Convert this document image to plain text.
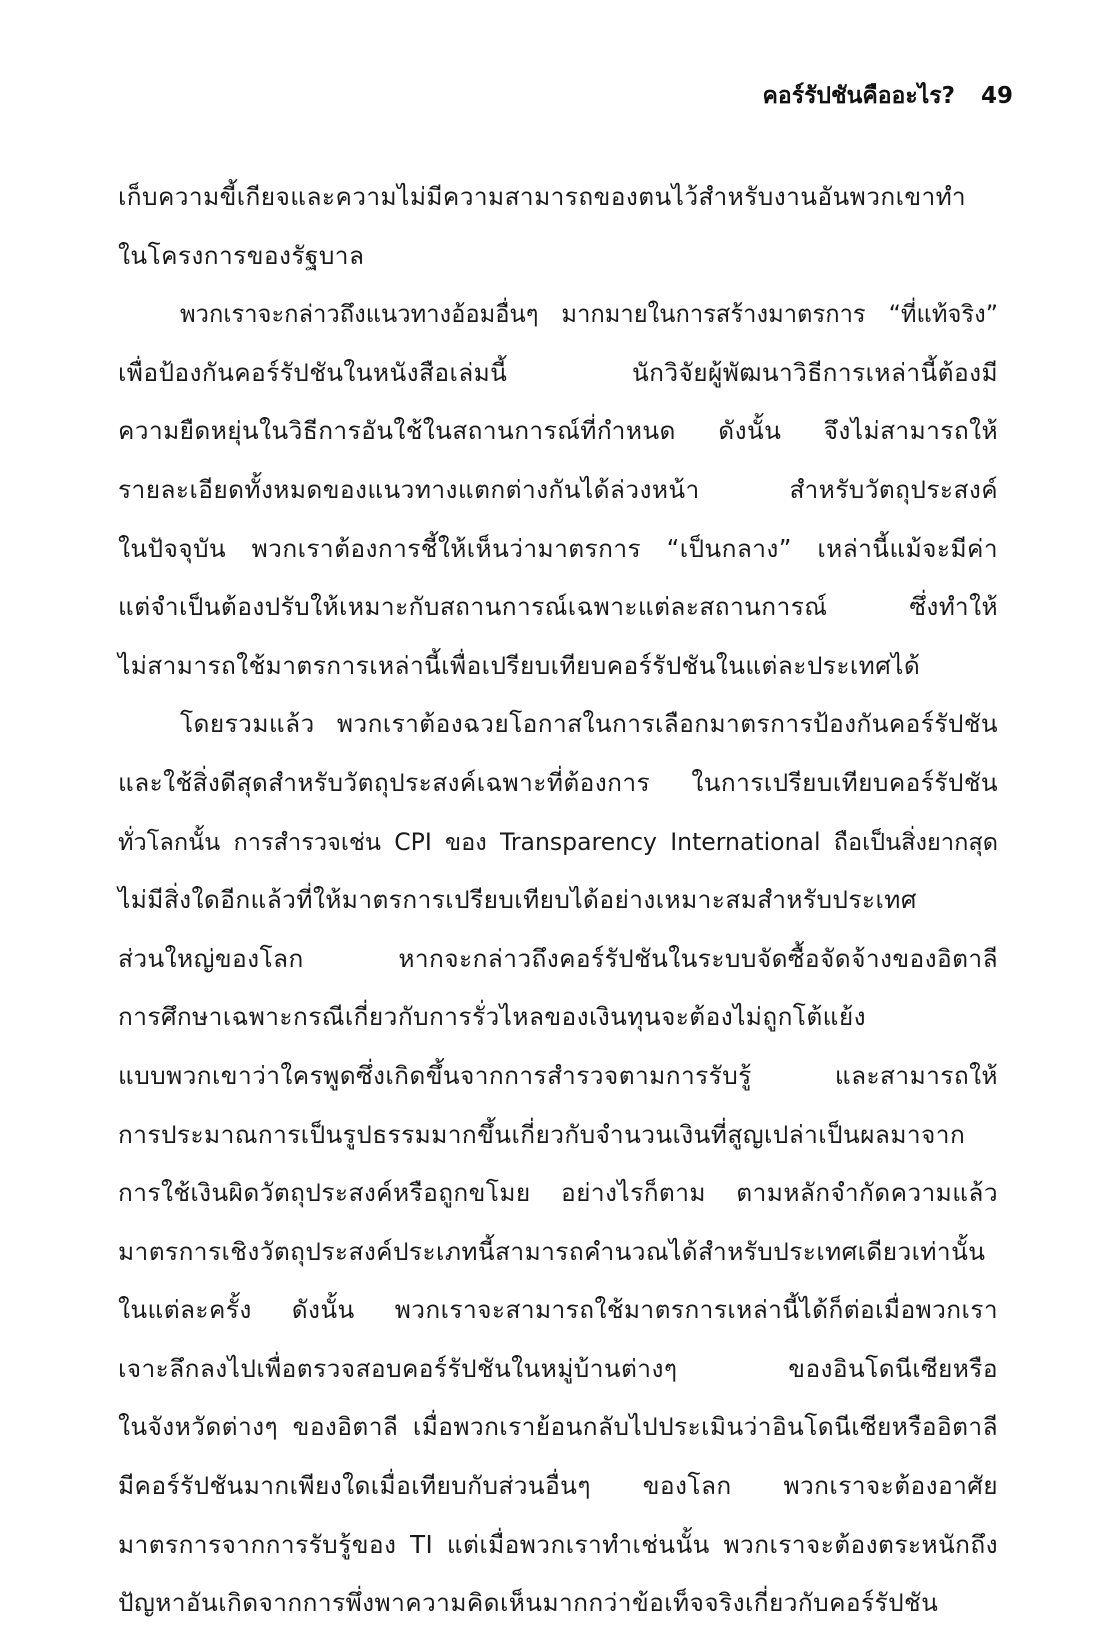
คอร์รัปชันคืออะไร? 49
เก็บความขี้เกียจและความไม่มีความสามารถของตนไว้สำหรับงานอันพวกเขาทำ
ในโครงการของรัฐบาล
พวกเราจะกล่าวถึงแนวทางอ้อมอื่นๆ มากมายในการสร้างมาตรการ “ที่แท้จริง”
เพื่อป้องกันคอร์รัปชันในหนังสือเล่มนี้ นักวิจัยผู้พัฒนาวิธีการเหล่านี้ต้องมี
ความยืดหยุ่นในวิธีการอันใช้ในสถานการณ์ที่กำหนด ดังนั้น จึงไม่สามารถให้
รายละเอียดทั้งหมดของแนวทางแตกต่างกันได้ล่วงหน้า สำหรับวัตถุประสงค์
ในปัจจุบัน พวกเราต้องการชี้ให้เห็นว่ามาตรการ “เป็นกลาง” เหล่านี้แม้จะมีค่า
แต่จำเป็นต้องปรับให้เหมาะกับสถานการณ์เฉพาะแต่ละสถานการณ์ ซึ่งทำให้
ไม่สามารถใช้มาตรการเหล่านี้เพื่อเปรียบเทียบคอร์รัปชันในแต่ละประเทศได้
โดยรวมแล้ว พวกเราต้องฉวยโอกาสในการเลือกมาตรการป้องกันคอร์รัปชัน
และใช้สิ่งดีสุดสำหรับวัตถุประสงค์เฉพาะที่ต้องการ ในการเปรียบเทียบคอร์รัปชัน
ทั่วโลกนั้น การสำรวจเช่น CPI ของ Transparency International ถือเป็นสิ่งยากสุด
ไม่มีสิ่งใดอีกแล้วที่ให้มาตรการเปรียบเทียบได้อย่างเหมาะสมสำหรับประเทศ
ส่วนใหญ่ของโลก หากจะกล่าวถึงคอร์รัปชันในระบบจัดซื้อจัดจ้างของอิตาลี
การศึกษาเฉพาะกรณีเกี่ยวกับการรั่วไหลของเงินทุนจะต้องไม่ถูกโต้แย้ง
แบบพวกเขาว่าใครพูดซึ่งเกิดขึ้นจากการสำรวจตามการรับรู้ และสามารถให้
การประมาณการเป็นรูปธรรมมากขึ้นเกี่ยวกับจำนวนเงินที่สูญเปล่าเป็นผลมาจาก
การใช้เงินผิดวัตถุประสงค์หรือถูกขโมย อย่างไรก็ตาม ตามหลักจำกัดความแล้ว
มาตรการเชิงวัตถุประสงค์ประเภทนี้สามารถคำนวณได้สำหรับประเทศเดียวเท่านั้น
ในแต่ละครั้ง ดังนั้น พวกเราจะสามารถใช้มาตรการเหล่านี้ได้ก็ต่อเมื่อพวกเรา
เจาะลึกลงไปเพื่อตรวจสอบคอร์รัปชันในหมู่บ้านต่างๆ ของอินโดนีเซียหรือ
ในจังหวัดต่างๆ ของอิตาลี เมื่อพวกเราย้อนกลับไปประเมินว่าอินโดนีเซียหรืออิตาลี
มีคอร์รัปชันมากเพียงใดเมื่อเทียบกับส่วนอื่นๆ ของโลก พวกเราจะต้องอาศัย
มาตรการจากการรับรู้ของ TI แต่เมื่อพวกเราทำเช่นนั้น พวกเราจะต้องตระหนักถึง
ปัญหาอันเกิดจากการพึ่งพาความคิดเห็นมากกว่าข้อเท็จจริงเกี่ยวกับคอร์รัปชัน
